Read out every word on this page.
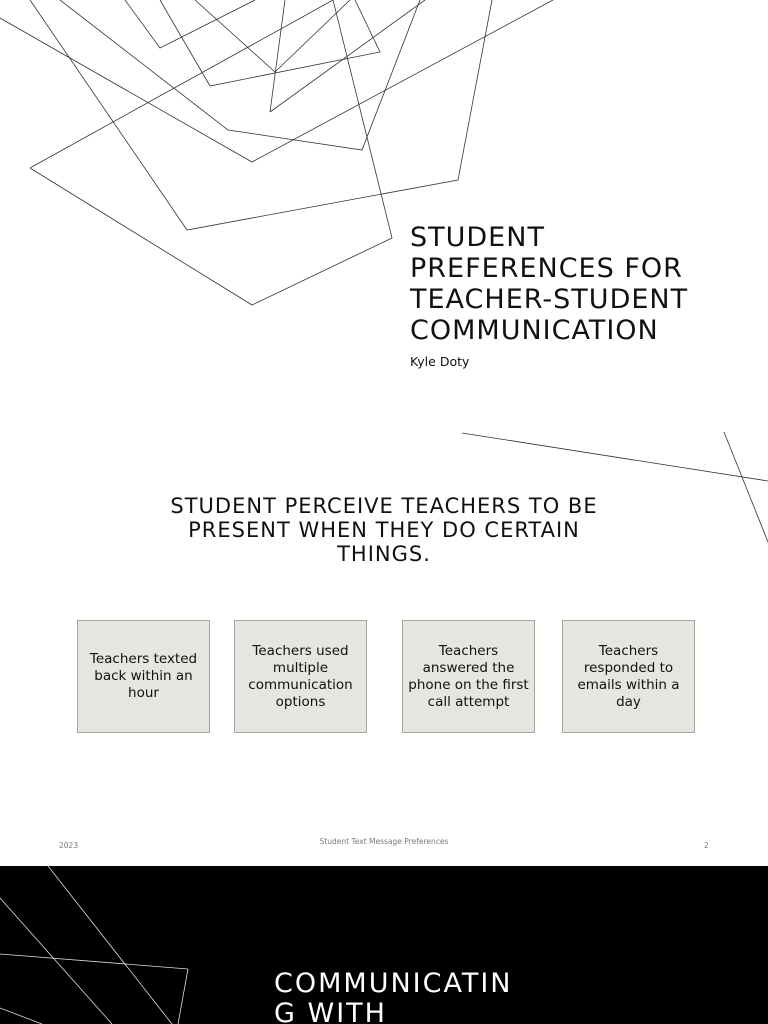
STUDENT
PREFERENCES FOR
TEACHER-STUDENT
COMMUNICATION
Kyle Doty
STUDENT PERCEIVE TEACHERS TO BE
PRESENT WHEN THEY DO CERTAIN
THINGS.
Teachers texted back within an hour
Teachers used multiple communication options
Teachers answered the phone on the first call attempt
Teachers responded to emails within a day
2023	Student Text Message Preferences	2
COMMUNICATING WITH
